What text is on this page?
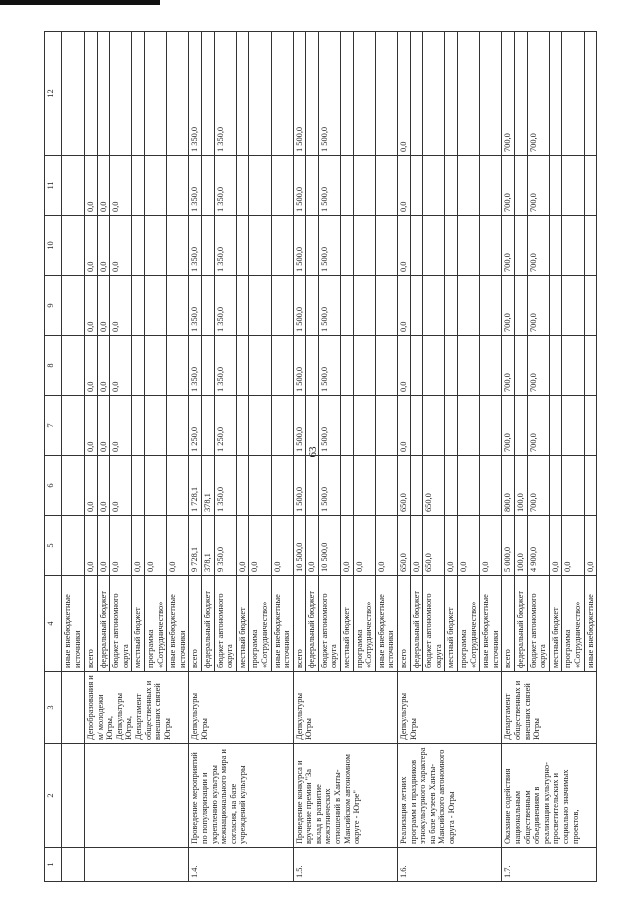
63
1	2	3	4	5	6	7	8	9	10	11	12
			иные внебюджетные источники								
		Депобразования и м/ молодежи Югры, Депкультуры Югры, Департамент общественных и внешних связей Югры	всего	0,0	0,0	0,0	0,0	0,0	0,0	0,0	
			федеральный бюджет	0,0	0,0	0,0	0,0	0,0	0,0	0,0	
			бюджет автономного округа	0,0	0,0	0,0	0,0	0,0	0,0	0,0	
			местный бюджет	0,0							
			программа «Сотрудничество»	0,0							
			иные внебюджетные источники	0,0							
1.4.	Проведение мероприятий по популяризации и укреплению культуры межнационального мира и согласия, на базе учреждений культуры	Депкультуры Югры	всего	9 728,1	1 728,1	1 250,0	1 350,0	1 350,0	1 350,0	1 350,0	1 350,0
			федеральный бюджет	378,1	378,1						
			бюджет автономного округа	9 350,0	1 350,0	1 250,0	1 350,0	1 350,0	1 350,0	1 350,0	1 350,0
			местный бюджет	0,0							
			программа «Сотрудничество»	0,0							
			иные внебюджетные источники	0,0							
1.5.	Проведение конкурса и вручение премии "За вклад в развитие межэтнических отношений в Ханты-Мансийском автономном округе - Югре"	Депкультуры Югры	всего	10 500,0	1 500,0	1 500,0	1 500,0	1 500,0	1 500,0	1 500,0	1 500,0
			федеральный бюджет	0,0							
			бюджет автономного округа	10 500,0	1 500,0	1 500,0	1 500,0	1 500,0	1 500,0	1 500,0	1 500,0
			местный бюджет	0,0							
			программа «Сотрудничество»	0,0							
			иные внебюджетные источники	0,0							
1.6.	Реализация летних программ и праздников этнокультурного характера на базе музеев Ханты-Мансийского автономного округа - Югры	Депкультуры Югры	всего	650,0	650,0	0,0	0,0	0,0	0,0	0,0	0,0
			федеральный бюджет	0,0							
			бюджет автономного округа	650,0	650,0						
			местный бюджет	0,0							
			программа «Сотрудничество»	0,0							
			иные внебюджетные источники	0,0							
1.7.	Оказание содействия национальным общественным объединениям в реализации культурно-просветительских и социально значимых проектов,	Департамент общественных и внешних связей Югры	всего	5 000,0	800,0	700,0	700,0	700,0	700,0	700,0	700,0
			федеральный бюджет	100,0	100,0						
			бюджет автономного округа	4 900,0	700,0	700,0	700,0	700,0	700,0	700,0	700,0
			местный бюджет	0,0							
			программа «Сотрудничество»	0,0							
			иные внебюджетные	0,0							
